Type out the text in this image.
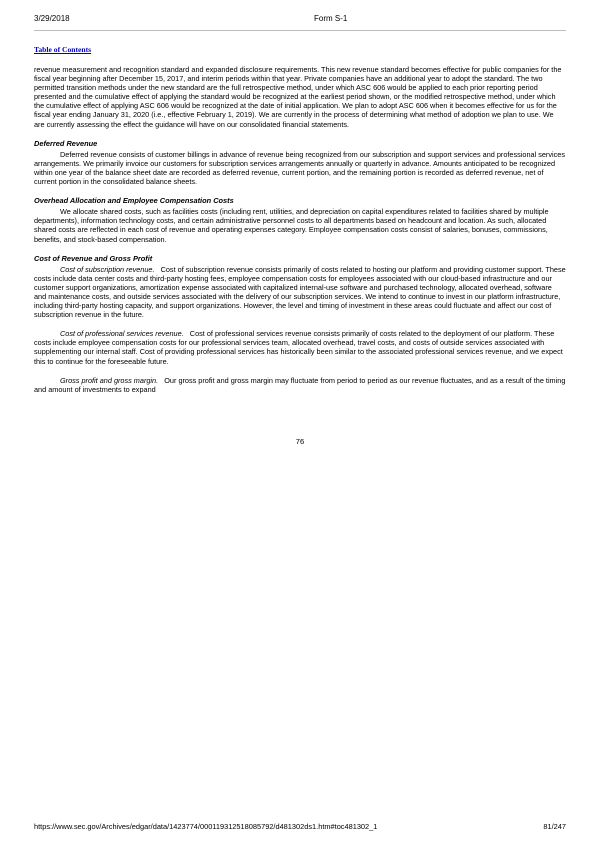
3/29/2018	Form S-1
Table of Contents

revenue measurement and recognition standard and expanded disclosure requirements. This new revenue standard becomes effective for public companies for the fiscal year beginning after December 15, 2017, and interim periods within that year. Private companies have an additional year to adopt the standard. The two permitted transition methods under the new standard are the full retrospective method, under which ASC 606 would be applied to each prior reporting period presented and the cumulative effect of applying the standard would be recognized at the earliest period shown, or the modified retrospective method, under which the cumulative effect of applying ASC 606 would be recognized at the date of initial application. We plan to adopt ASC 606 when it becomes effective for us for the fiscal year ending January 31, 2020 (i.e., effective February 1, 2019). We are currently in the process of determining what method of adoption we plan to use. We are currently assessing the effect the guidance will have on our consolidated financial statements.

Deferred Revenue

Deferred revenue consists of customer billings in advance of revenue being recognized from our subscription and support services and professional services arrangements. We primarily invoice our customers for subscription services arrangements annually or quarterly in advance. Amounts anticipated to be recognized within one year of the balance sheet date are recorded as deferred revenue, current portion, and the remaining portion is recorded as deferred revenue, net of current portion in the consolidated balance sheets.

Overhead Allocation and Employee Compensation Costs

We allocate shared costs, such as facilities costs (including rent, utilities, and depreciation on capital expenditures related to facilities shared by multiple departments), information technology costs, and certain administrative personnel costs to all departments based on headcount and location. As such, allocated shared costs are reflected in each cost of revenue and operating expenses category. Employee compensation costs consist of salaries, bonuses, commissions, benefits, and stock-based compensation.

Cost of Revenue and Gross Profit

Cost of subscription revenue. Cost of subscription revenue consists primarily of costs related to hosting our platform and providing customer support. These costs include data center costs and third-party hosting fees, employee compensation costs for employees associated with our cloud-based infrastructure and our customer support organizations, amortization expense associated with capitalized internal-use software and purchased technology, allocated overhead, software and maintenance costs, and outside services associated with the delivery of our subscription services. We intend to continue to invest in our platform infrastructure, including third-party hosting capacity, and support organizations. However, the level and timing of investment in these areas could fluctuate and affect our cost of subscription revenue in the future.

Cost of professional services revenue. Cost of professional services revenue consists primarily of costs related to the deployment of our platform. These costs include employee compensation costs for our professional services team, allocated overhead, travel costs, and costs of outside services associated with supplementing our internal staff. Cost of providing professional services has historically been similar to the associated professional services revenue, and we expect this to continue for the foreseeable future.

Gross profit and gross margin. Our gross profit and gross margin may fluctuate from period to period as our revenue fluctuates, and as a result of the timing and amount of investments to expand

76
https://www.sec.gov/Archives/edgar/data/1423774/000119312518085792/d481302ds1.htm#toc481302_1	81/247
